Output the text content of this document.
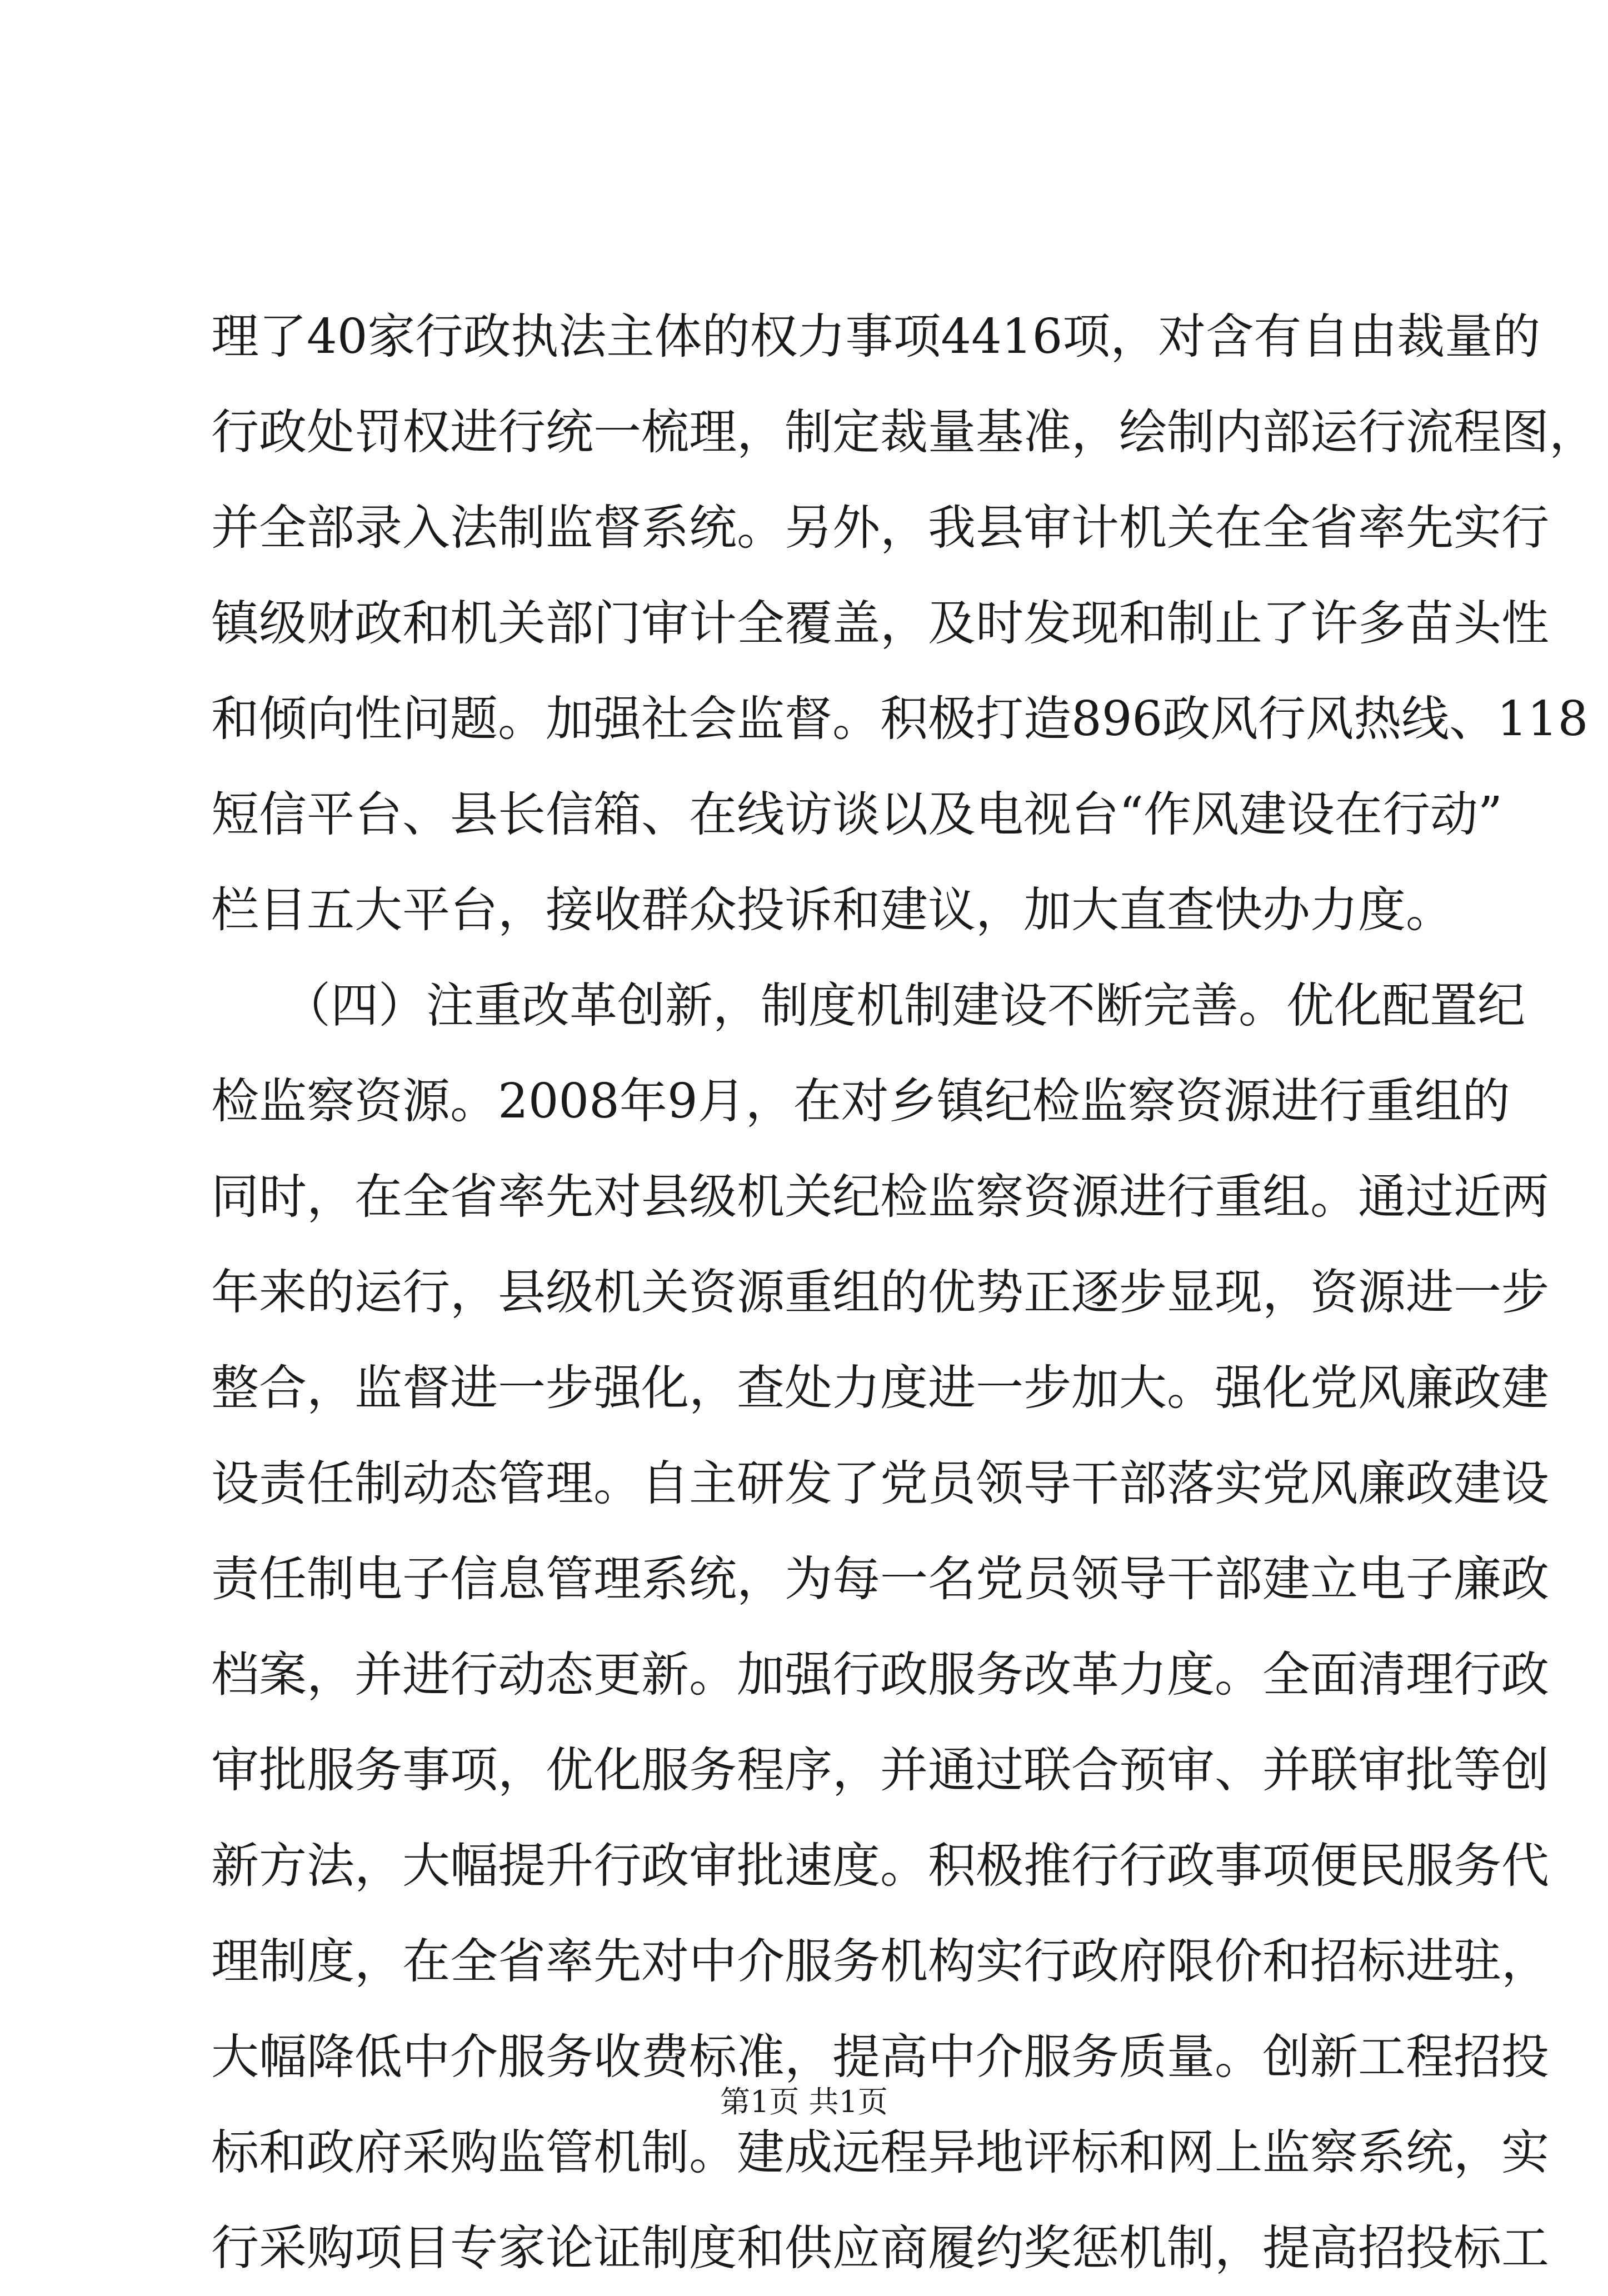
理了40家行政执法主体的权力事项4416项，对含有自由裁量的
行政处罚权进行统一梳理，制定裁量基准，绘制内部运行流程图，
并全部录入法制监督系统。另外，我县审计机关在全省率先实行
镇级财政和机关部门审计全覆盖，及时发现和制止了许多苗头性
和倾向性问题。加强社会监督。积极打造896政风行风热线、118
短信平台、县长信箱、在线访谈以及电视台“作风建设在行动”
栏目五大平台，接收群众投诉和建议，加大直查快办力度。
　　（四）注重改革创新，制度机制建设不断完善。优化配置纪
检监察资源。2008年9月，在对乡镇纪检监察资源进行重组的
同时，在全省率先对县级机关纪检监察资源进行重组。通过近两
年来的运行，县级机关资源重组的优势正逐步显现，资源进一步
整合，监督进一步强化，查处力度进一步加大。强化党风廉政建
设责任制动态管理。自主研发了党员领导干部落实党风廉政建设
责任制电子信息管理系统，为每一名党员领导干部建立电子廉政
档案，并进行动态更新。加强行政服务改革力度。全面清理行政
审批服务事项，优化服务程序，并通过联合预审、并联审批等创
新方法，大幅提升行政审批速度。积极推行行政事项便民服务代
理制度，在全省率先对中介服务机构实行政府限价和招标进驻，
大幅降低中介服务收费标准，提高中介服务质量。创新工程招投
标和政府采购监管机制。建成远程异地评标和网上监察系统，实
行采购项目专家论证制度和供应商履约奖惩机制，提高招投标工
第1页 共1页
